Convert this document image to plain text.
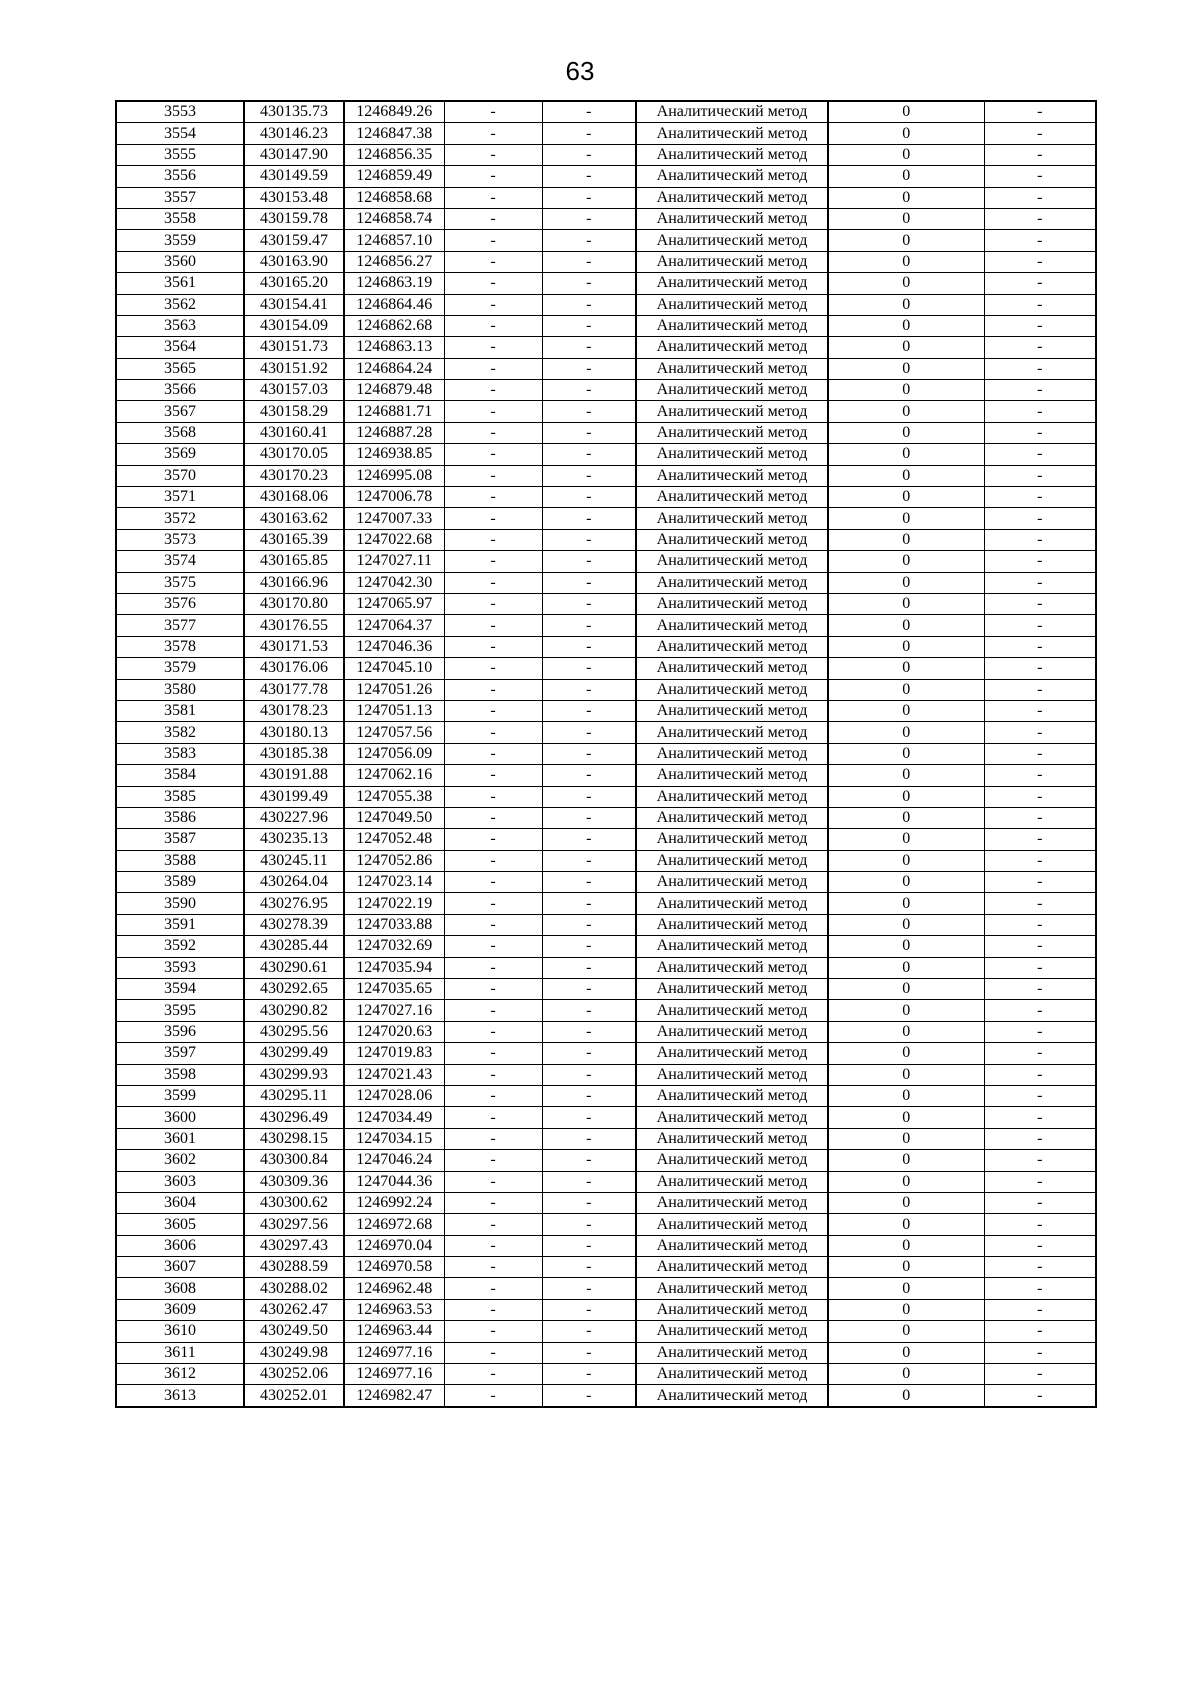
63
3553	430135.73	1246849.26	-	-	Аналитический метод	0	-
3554	430146.23	1246847.38	-	-	Аналитический метод	0	-
3555	430147.90	1246856.35	-	-	Аналитический метод	0	-
3556	430149.59	1246859.49	-	-	Аналитический метод	0	-
3557	430153.48	1246858.68	-	-	Аналитический метод	0	-
3558	430159.78	1246858.74	-	-	Аналитический метод	0	-
3559	430159.47	1246857.10	-	-	Аналитический метод	0	-
3560	430163.90	1246856.27	-	-	Аналитический метод	0	-
3561	430165.20	1246863.19	-	-	Аналитический метод	0	-
3562	430154.41	1246864.46	-	-	Аналитический метод	0	-
3563	430154.09	1246862.68	-	-	Аналитический метод	0	-
3564	430151.73	1246863.13	-	-	Аналитический метод	0	-
3565	430151.92	1246864.24	-	-	Аналитический метод	0	-
3566	430157.03	1246879.48	-	-	Аналитический метод	0	-
3567	430158.29	1246881.71	-	-	Аналитический метод	0	-
3568	430160.41	1246887.28	-	-	Аналитический метод	0	-
3569	430170.05	1246938.85	-	-	Аналитический метод	0	-
3570	430170.23	1246995.08	-	-	Аналитический метод	0	-
3571	430168.06	1247006.78	-	-	Аналитический метод	0	-
3572	430163.62	1247007.33	-	-	Аналитический метод	0	-
3573	430165.39	1247022.68	-	-	Аналитический метод	0	-
3574	430165.85	1247027.11	-	-	Аналитический метод	0	-
3575	430166.96	1247042.30	-	-	Аналитический метод	0	-
3576	430170.80	1247065.97	-	-	Аналитический метод	0	-
3577	430176.55	1247064.37	-	-	Аналитический метод	0	-
3578	430171.53	1247046.36	-	-	Аналитический метод	0	-
3579	430176.06	1247045.10	-	-	Аналитический метод	0	-
3580	430177.78	1247051.26	-	-	Аналитический метод	0	-
3581	430178.23	1247051.13	-	-	Аналитический метод	0	-
3582	430180.13	1247057.56	-	-	Аналитический метод	0	-
3583	430185.38	1247056.09	-	-	Аналитический метод	0	-
3584	430191.88	1247062.16	-	-	Аналитический метод	0	-
3585	430199.49	1247055.38	-	-	Аналитический метод	0	-
3586	430227.96	1247049.50	-	-	Аналитический метод	0	-
3587	430235.13	1247052.48	-	-	Аналитический метод	0	-
3588	430245.11	1247052.86	-	-	Аналитический метод	0	-
3589	430264.04	1247023.14	-	-	Аналитический метод	0	-
3590	430276.95	1247022.19	-	-	Аналитический метод	0	-
3591	430278.39	1247033.88	-	-	Аналитический метод	0	-
3592	430285.44	1247032.69	-	-	Аналитический метод	0	-
3593	430290.61	1247035.94	-	-	Аналитический метод	0	-
3594	430292.65	1247035.65	-	-	Аналитический метод	0	-
3595	430290.82	1247027.16	-	-	Аналитический метод	0	-
3596	430295.56	1247020.63	-	-	Аналитический метод	0	-
3597	430299.49	1247019.83	-	-	Аналитический метод	0	-
3598	430299.93	1247021.43	-	-	Аналитический метод	0	-
3599	430295.11	1247028.06	-	-	Аналитический метод	0	-
3600	430296.49	1247034.49	-	-	Аналитический метод	0	-
3601	430298.15	1247034.15	-	-	Аналитический метод	0	-
3602	430300.84	1247046.24	-	-	Аналитический метод	0	-
3603	430309.36	1247044.36	-	-	Аналитический метод	0	-
3604	430300.62	1246992.24	-	-	Аналитический метод	0	-
3605	430297.56	1246972.68	-	-	Аналитический метод	0	-
3606	430297.43	1246970.04	-	-	Аналитический метод	0	-
3607	430288.59	1246970.58	-	-	Аналитический метод	0	-
3608	430288.02	1246962.48	-	-	Аналитический метод	0	-
3609	430262.47	1246963.53	-	-	Аналитический метод	0	-
3610	430249.50	1246963.44	-	-	Аналитический метод	0	-
3611	430249.98	1246977.16	-	-	Аналитический метод	0	-
3612	430252.06	1246977.16	-	-	Аналитический метод	0	-
3613	430252.01	1246982.47	-	-	Аналитический метод	0	-
